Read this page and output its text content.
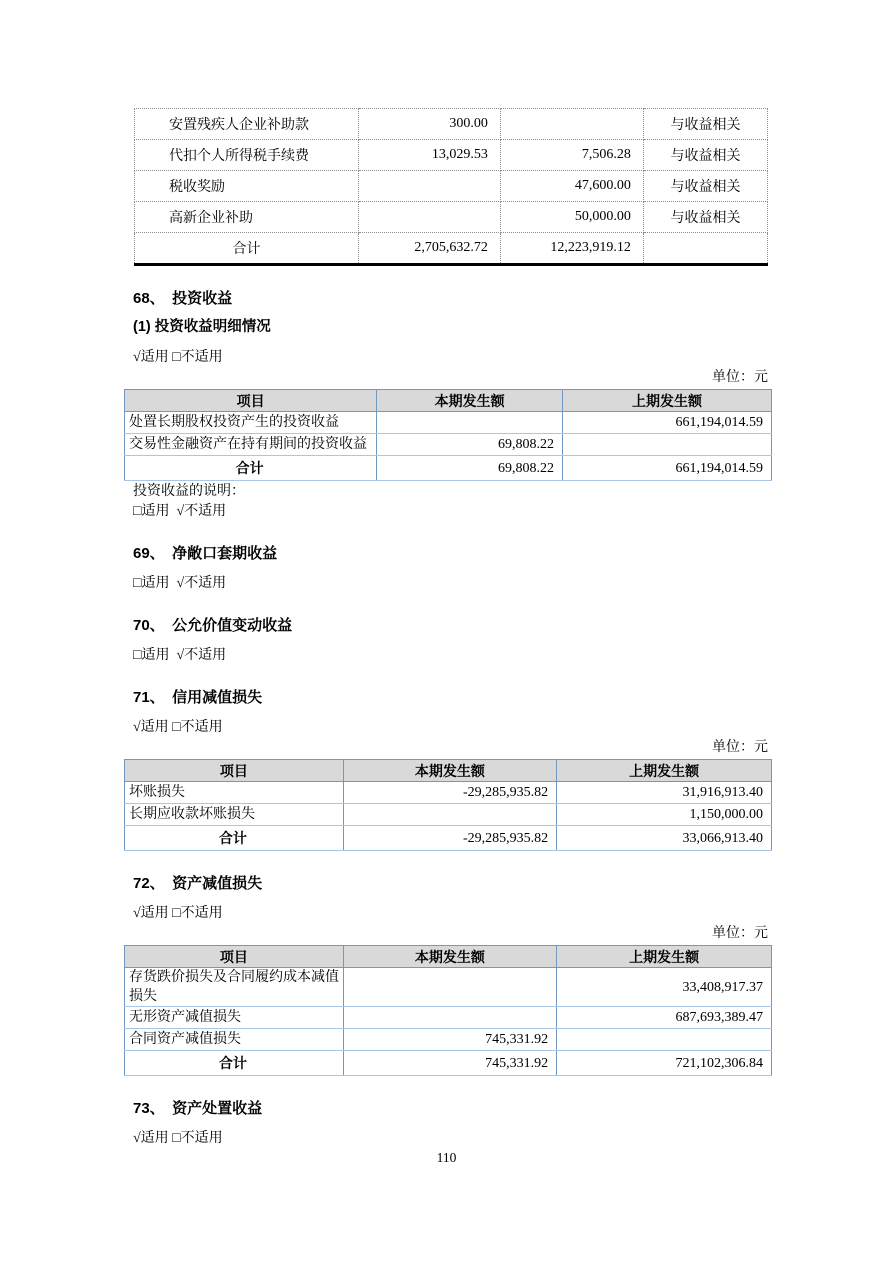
安置残疾人企业补助款	300.00		与收益相关
代扣个人所得税手续费	13,029.53	7,506.28	与收益相关
税收奖励		47,600.00	与收益相关
高新企业补助		50,000.00	与收益相关
合计	2,705,632.72	12,223,919.12	
68、　投资收益
(1) 投资收益明细情况

√适用 □不适用

单位：元

项目	本期发生额	上期发生额
处置长期股权投资产生的投资收益		661,194,014.59
交易性金融资产在持有期间的投资收益	69,808.22	
合计	69,808.22	661,194,014.59

投资收益的说明：

□适用  √不适用

69、　净敞口套期收益

□适用  √不适用

70、　公允价值变动收益

□适用  √不适用

71、　信用减值损失

√适用 □不适用

单位：元

项目	本期发生额	上期发生额
坏账损失	-29,285,935.82	31,916,913.40
长期应收款坏账损失		1,150,000.00
合计	-29,285,935.82	33,066,913.40
72、　资产减值损失

√适用 □不适用

单位：元

项目	本期发生额	上期发生额
存货跌价损失及合同履约成本减值损失		33,408,917.37
无形资产减值损失		687,693,389.47
合同资产减值损失	745,331.92	
合计	745,331.92	721,102,306.84
73、　资产处置收益

√适用 □不适用

110
